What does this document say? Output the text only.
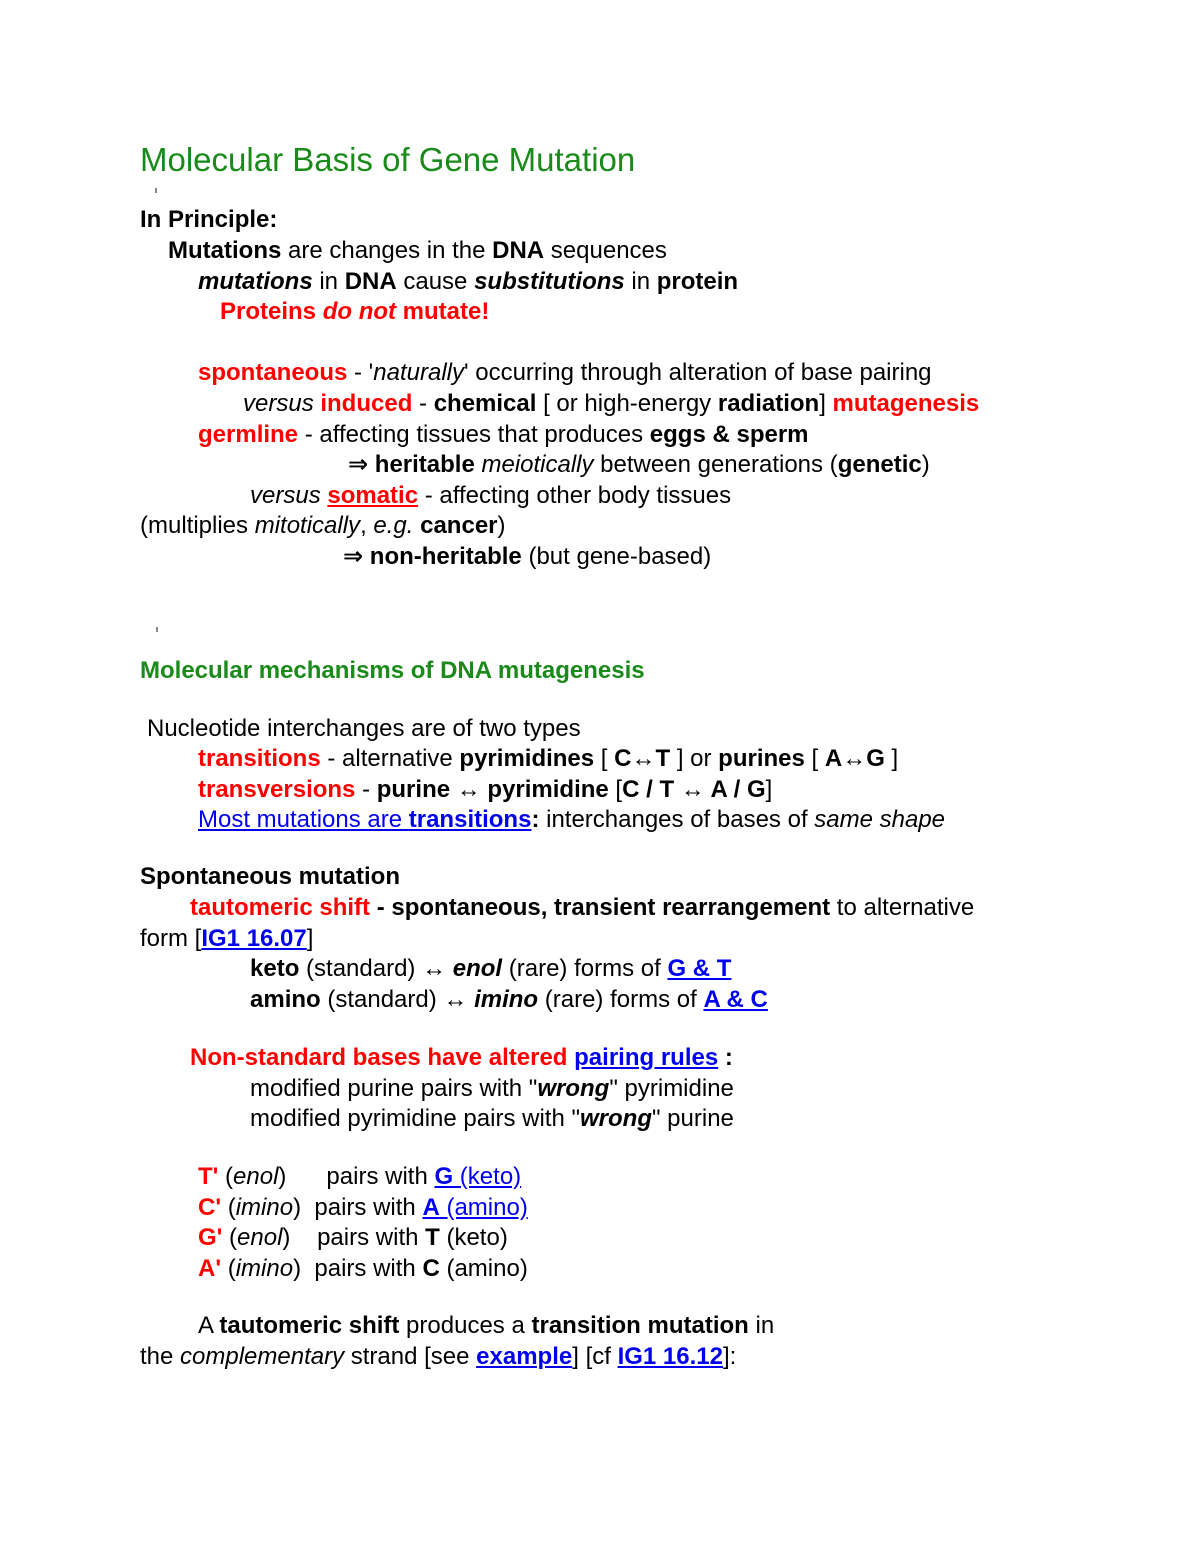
Molecular Basis of Gene Mutation
In Principle:
Mutations are changes in the DNA sequences
mutations in DNA cause substitutions in protein
Proteins do not mutate!
spontaneous - 'naturally' occurring through alteration of base pairing
versus induced - chemical [ or high-energy radiation] mutagenesis
germline - affecting tissues that produces eggs & sperm
⇒ heritable meiotically between generations (genetic)
versus somatic - affecting other body tissues
(multiplies mitotically, e.g. cancer)
⇒ non-heritable (but gene-based)
Molecular mechanisms of DNA mutagenesis
Nucleotide interchanges are of two types
transitions - alternative pyrimidines [ C↔T ] or purines [ A↔G ]
transversions - purine ↔ pyrimidine [C / T ↔ A / G]
Most mutations are transitions: interchanges of bases of same shape
Spontaneous mutation
tautomeric shift - spontaneous, transient rearrangement to alternative
form [IG1 16.07]
keto (standard) ↔ enol (rare) forms of G & T
amino (standard) ↔ imino (rare) forms of A & C
Non-standard bases have altered pairing rules :
modified purine pairs with "wrong" pyrimidine
modified pyrimidine pairs with "wrong" purine
T' (enol)      pairs with G (keto)
C' (imino)  pairs with A (amino)
G' (enol)    pairs with T (keto)
A' (imino)  pairs with C (amino)
A tautomeric shift produces a transition mutation in
the complementary strand [see example] [cf IG1 16.12]:
